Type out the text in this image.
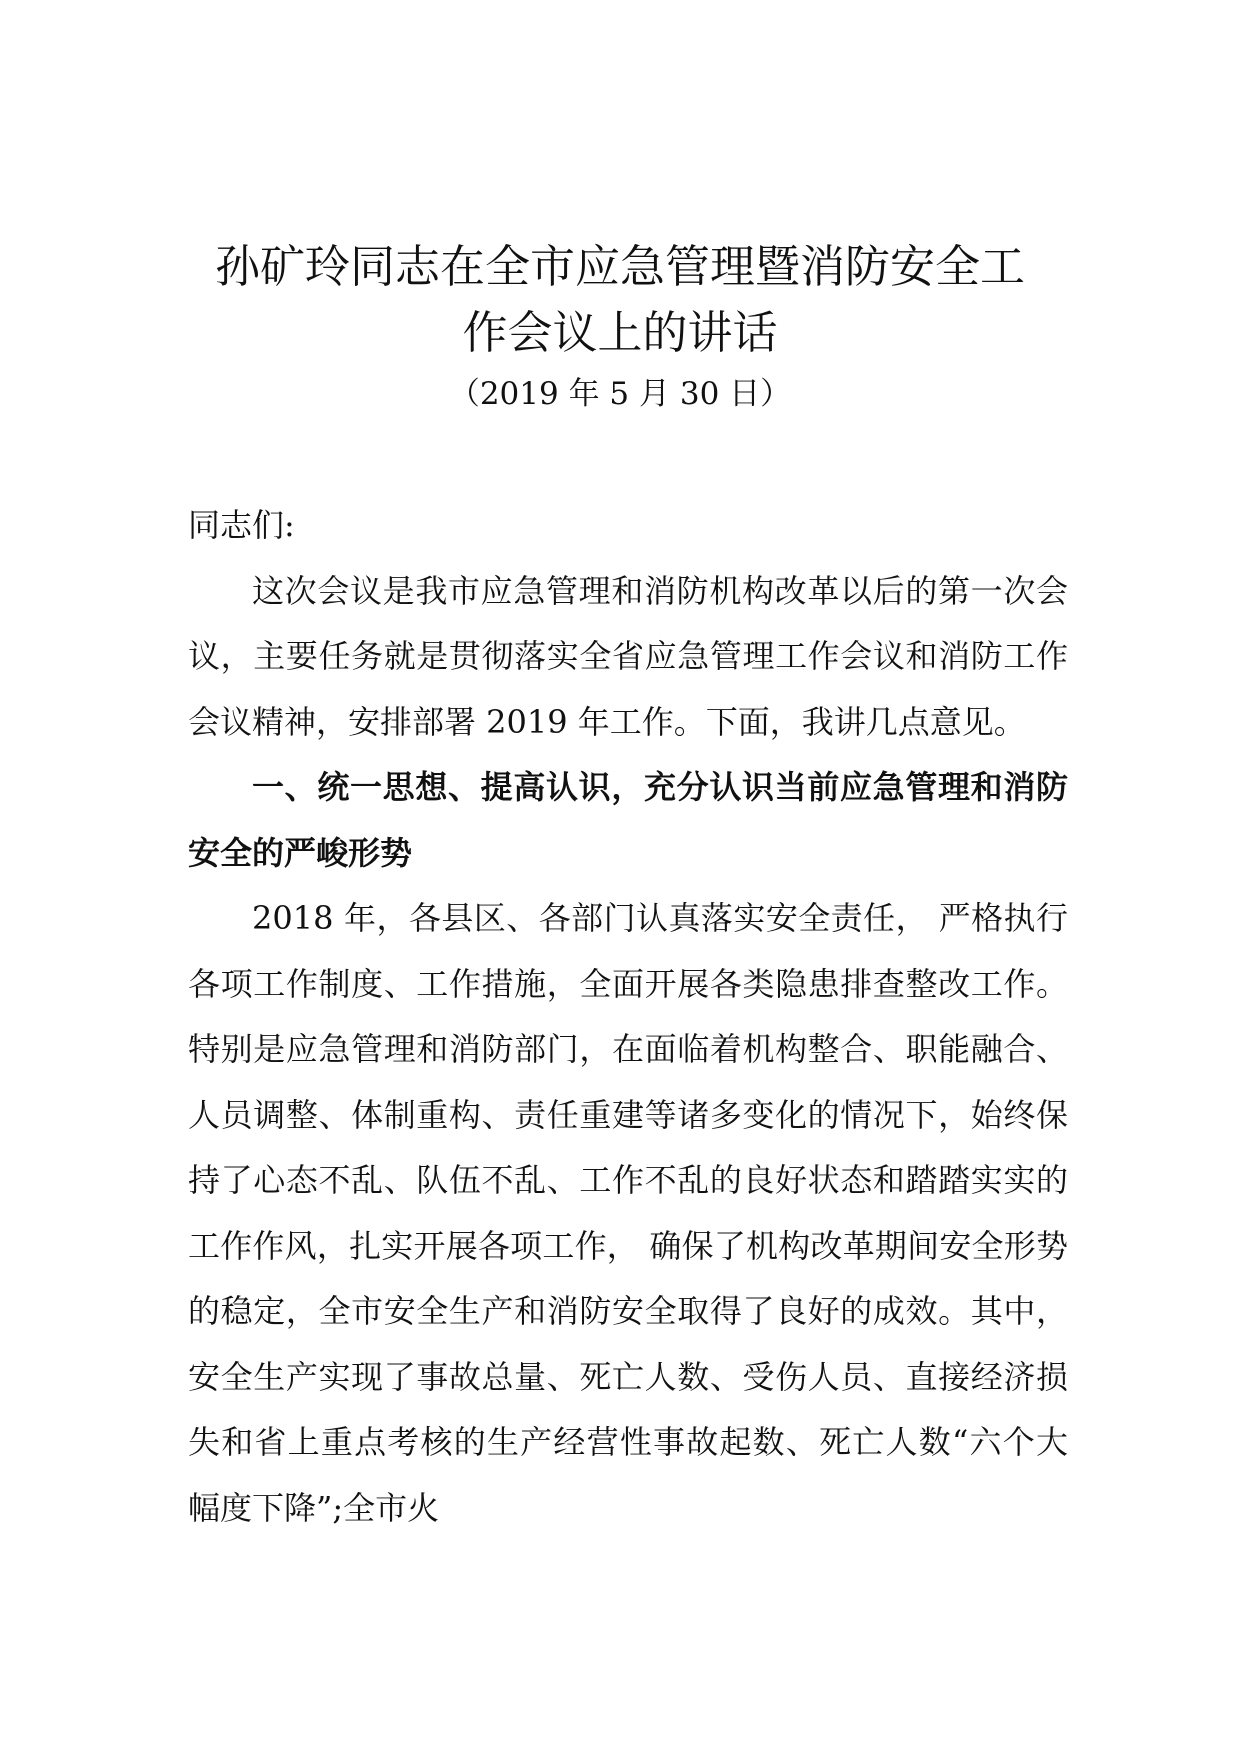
孙矿玲同志在全市应急管理暨消防安全工
作会议上的讲话
（2019 年 5 月 30 日）

同志们:

这次会议是我市应急管理和消防机构改革以后的第一次会议，主要任务就是贯彻落实全省应急管理工作会议和消防工作会议精神，安排部署 2019 年工作。下面，我讲几点意见。

一、统一思想、提高认识，充分认识当前应急管理和消防安全的严峻形势

2018 年，各县区、各部门认真落实安全责任， 严格执行各项工作制度、工作措施，全面开展各类隐患排查整改工作。特别是应急管理和消防部门，在面临着机构整合、职能融合、人员调整、体制重构、责任重建等诸多变化的情况下，始终保持了心态不乱、队伍不乱、工作不乱的良好状态和踏踏实实的工作作风，扎实开展各项工作， 确保了机构改革期间安全形势的稳定，全市安全生产和消防安全取得了良好的成效。其中，安全生产实现了事故总量、死亡人数、受伤人员、直接经济损失和省上重点考核的生产经营性事故起数、死亡人数“六个大幅度下降”;全市火
